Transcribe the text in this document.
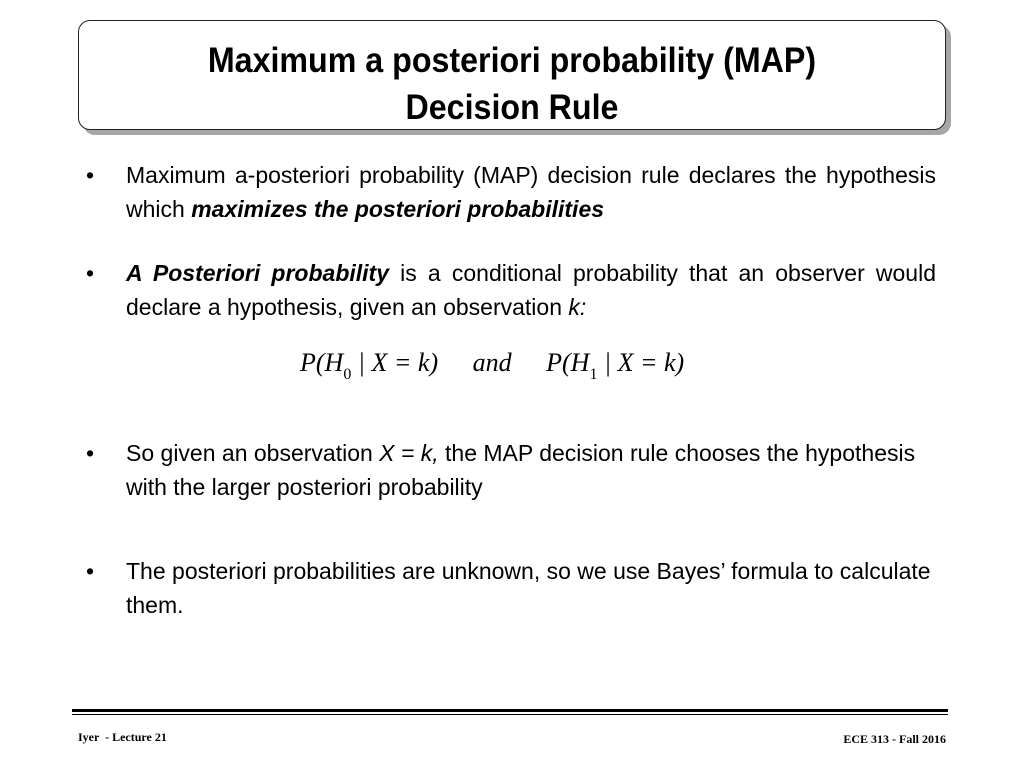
Maximum a posteriori probability (MAP)
Decision Rule
•	Maximum a-posteriori probability (MAP) decision rule declares the hypothesis which maximizes the posteriori probabilities
•	A Posteriori probability is a conditional probability that an observer would declare a hypothesis, given an observation k:
•	So given an observation X = k, the MAP decision rule chooses the hypothesis with the larger posteriori probability
•	The posteriori probabilities are unknown, so we use Bayes’ formula to calculate them.
$P(H_0$ | X = k) and $P(H_1$ | X = k)
Iyer  - Lecture 21	ECE 313 - Fall 2016
